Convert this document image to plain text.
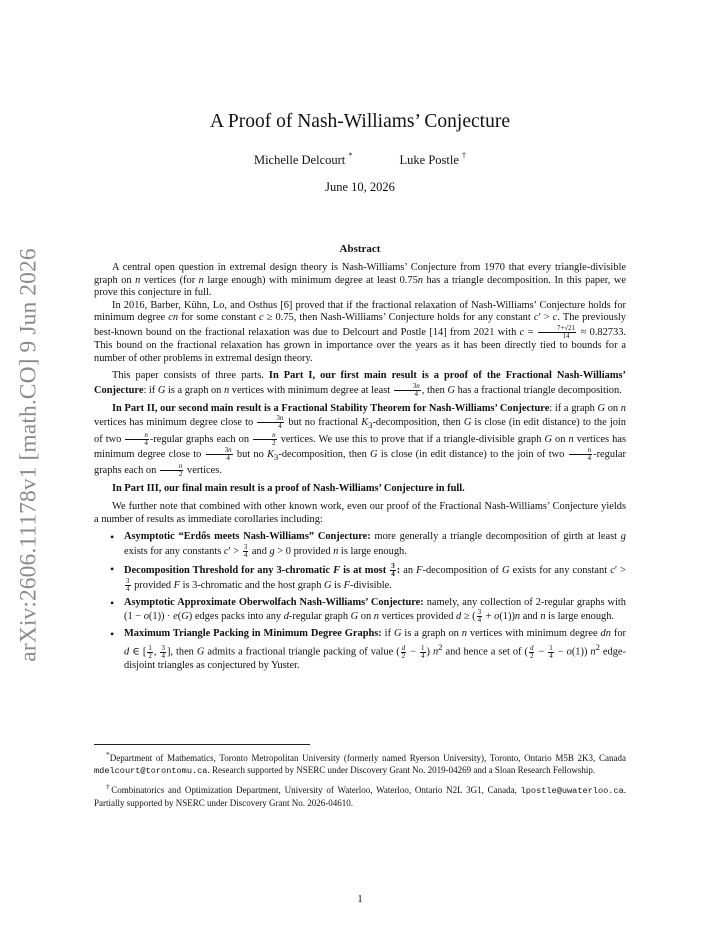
arXiv:2606.11178v1 [math.CO] 9 Jun 2026
A Proof of Nash-Williams’ Conjecture
Michelle Delcourt *	Luke Postle †
June 10, 2026
Abstract

A central open question in extremal design theory is Nash-Williams’ Conjecture from 1970 that every triangle-divisible graph on n vertices (for n large enough) with minimum degree at least 0.75n has a triangle decomposition. In this paper, we prove this conjecture in full.

In 2016, Barber, Kühn, Lo, and Osthus [6] proved that if the fractional relaxation of Nash-Williams’ Conjecture holds for minimum degree cn for some constant c ≥ 0.75, then Nash-Williams’ Conjecture holds for any constant c′ > c. The previously best-known bound on the fractional relaxation was due to Delcourt and Postle [14] from 2021 with $c = \frac{7+√21}{14} \approx 0.82733$. This bound on the fractional relaxation has grown in importance over the years as it has been directly tied to bounds for a number of other problems in extremal design theory.

This paper consists of three parts. In Part I, our first main result is a proof of the Fractional Nash-Williams’ Conjecture: if G is a graph on n vertices with minimum degree at least $\frac{3n}{4}$ , then G has a fractional triangle decomposition.

In Part II, our second main result is a Fractional Stability Theorem for Nash-Williams’ Conjecture: if a graph G on n vertices has minimum degree close to $\frac{3n}{4}$ but no fractional $K_3$-decomposition, then G is close (in edit distance) to the join of two $\frac{n}{4}$ -regular graphs each on $\frac{n}{2}$ vertices. We use this to prove that if a triangle-divisible graph G on n vertices has minimum degree close to $\frac{3n}{4}$ but no $K_3$-decomposition, then G is close (in edit distance) to the join of two $\frac{n}{4}$ -regular graphs each on $\frac{n}{2}$ vertices.

In Part III, our final main result is a proof of Nash-Williams’ Conjecture in full.

We further note that combined with other known work, even our proof of the Fractional Nash-Williams’ Conjecture yields a number of results as immediate corollaries including:

• Asymptotic “Erdős meets Nash-Williams” Conjecture: more generally a triangle decomposition of girth at least g exists for any constants $c' > \frac{3}{4}$ and g > 0 provided n is large enough.
• Decomposition Threshold for any 3-chromatic F is at most $\frac{3}{4}$ : an F-decomposition of G exists for any constant c′ >
$\frac{3}{4}$ provided F is 3-chromatic and the host graph G is F-divisible.
• Asymptotic Approximate Oberwolfach Nash-Williams’ Conjecture: namely, any collection of 2-regular graphs with (1 − o(1)) · e(G) edges packs into any d-regular graph G on n vertices provided d ≥ ( $\frac{3}{4} + o(1))n$ and n is large enough.
• Maximum Triangle Packing in Minimum Degree Graphs: if G is a graph on n vertices with minimum degree dn for d ∈ [ $\frac{1}{2}$ , $\frac{3}{4}$ ], then G admits a fractional triangle packing of value ( $\frac{d}{2} - \frac{1}{4}$ ) $n^2$ and hence a set of ( $\frac{d}{2} - \frac{1}{4} - o(1)$) $n^2$ edge-disjoint triangles as conjectured by Yuster.

*Department of Mathematics, Toronto Metropolitan University (formerly named Ryerson University), Toronto, Ontario M5B 2K3, Canada mdelcourt@torontomu.ca. Research supported by NSERC under Discovery Grant No. 2019-04269 and a Sloan Research Fellowship.

†Combinatorics and Optimization Department, University of Waterloo, Waterloo, Ontario N2L 3G1, Canada, lpostle@uwaterloo.ca. Partially supported by NSERC under Discovery Grant No. 2026-04610.

1
